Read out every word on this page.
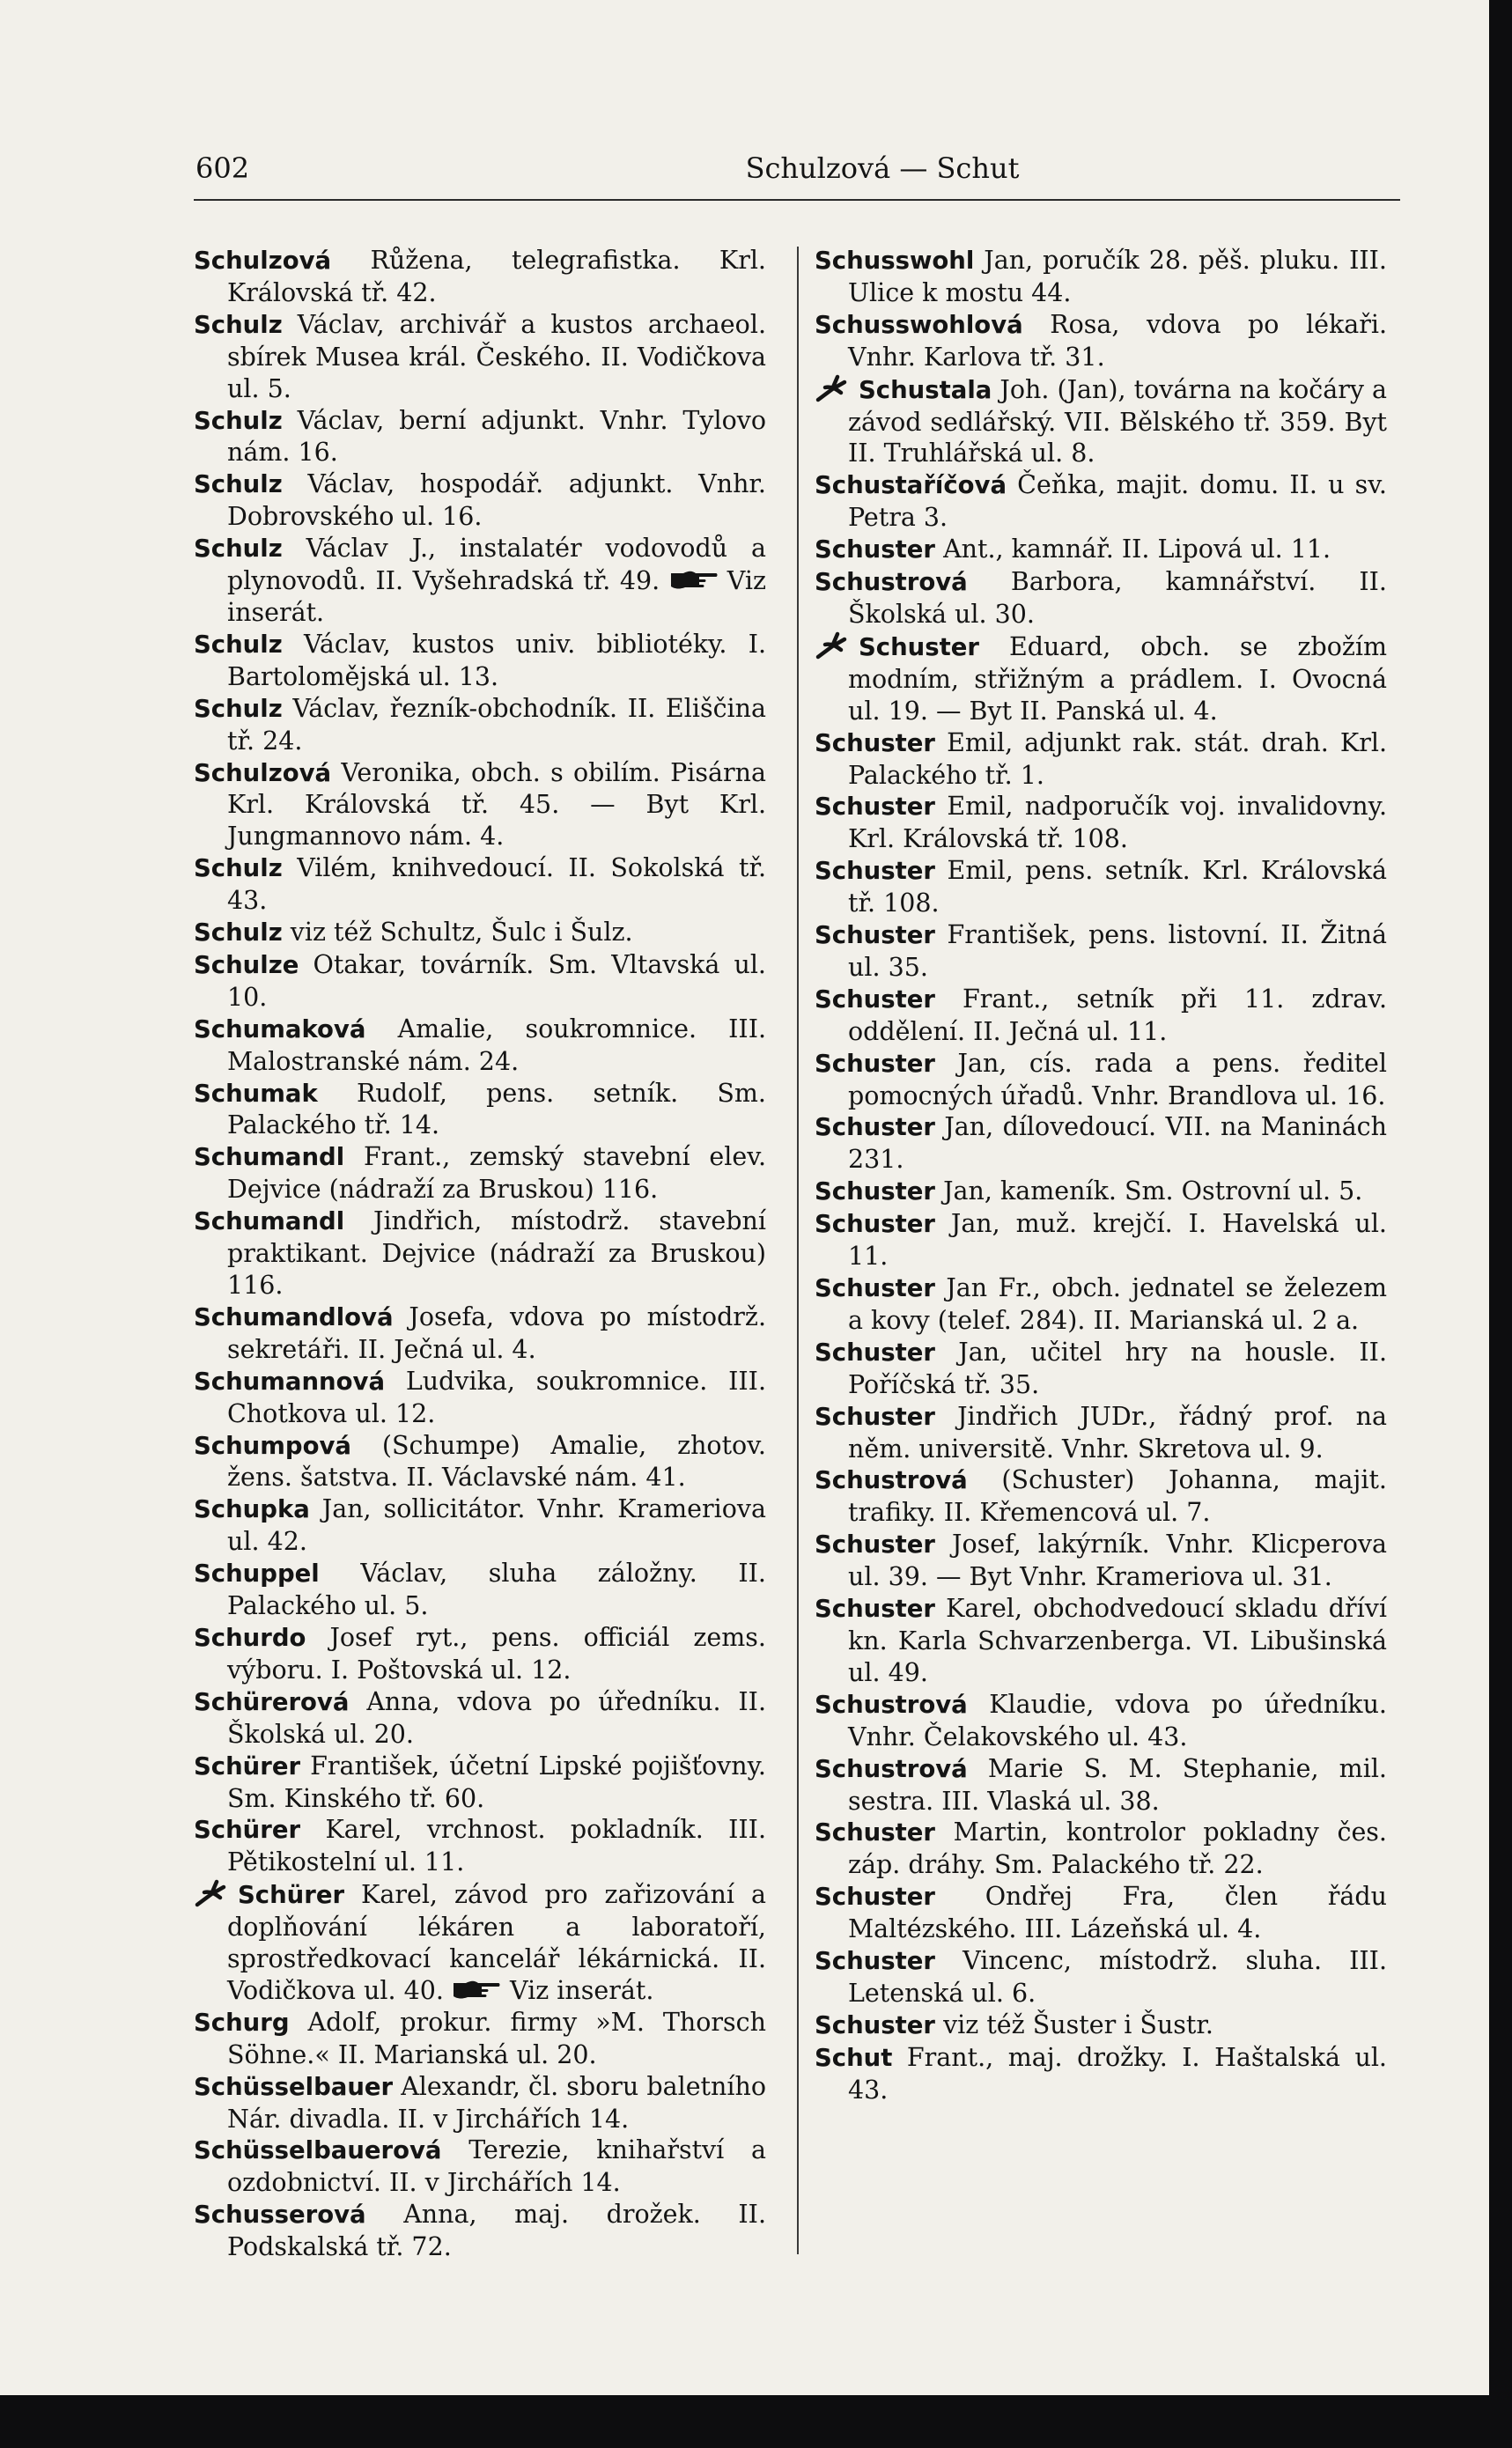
602	Schulzová — Schut

Schulzová Růžena, telegrafistka. Krl. Královská tř. 42.

Schulz Václav, archivář a kustos archaeol. sbírek Musea král. Českého. II. Vodičkova ul. 5.

Schulz Václav, berní adjunkt. Vnhr. Tylovo nám. 16.

Schulz Václav, hospodář. adjunkt. Vnhr. Dobrovského ul. 16.

Schulz Václav J., instalatér vodovodů a plynovodů. II. Vyšehradská tř. 49.	Viz inserát.

Schulz Václav, kustos univ. bibliotéky. I. Bartolomějská ul. 13.

Schulz Václav, řezník-obchodník. II. Eliščina tř. 24.

Schulzová Veronika, obch. s obilím. Pisárna Krl. Královská tř. 45. — Byt Krl. Jungmannovo nám. 4.

Schulz Vilém, knihvedoucí. II. Sokolská tř. 43.

Schulz viz též Schultz, Šulc i Šulz.

Schulze Otakar, továrník. Sm. Vltavská ul. 10.

Schumaková Amalie, soukromnice. III. Malostranské nám. 24.

Schumak Rudolf, pens. setník. Sm. Palackého tř. 14.

Schumandl Frant., zemský stavební elev. Dejvice (nádraží za Bruskou) 116.

Schumandl Jindřich, místodrž. stavební praktikant. Dejvice (nádraží za Bruskou) 116.

Schumandlová Josefa, vdova po místodrž. sekretáři. II. Ječná ul. 4.

Schumannová Ludvika, soukromnice. III. Chotkova ul. 12.

Schumpová (Schumpe) Amalie, zhotov. žens. šatstva. II. Václavské nám. 41.

Schupka Jan, sollicitátor. Vnhr. Krameriova ul. 42.

Schuppel Václav, sluha záložny. II. Palackého ul. 5.

Schurdo Josef ryt., pens. officiál zems. výboru. I. Poštovská ul. 12.

Schürerová Anna, vdova po úředníku. II. Školská ul. 20.

Schürer František, účetní Lipské pojišťovny. Sm. Kinského tř. 60.

Schürer Karel, vrchnost. pokladník. III. Pětikostelní ul. 11.

Schürer Karel, závod pro zařizování a doplňování lékáren a laboratoří, sprostředkovací kancelář lékárnická. II. Vodičkova ul. 40.	Viz inserát.

Schurg Adolf, prokur. firmy »M. Thorsch Söhne.« II. Marianská ul. 20.

Schüsselbauer Alexandr, čl. sboru baletního Nár. divadla. II. v Jirchářích 14.

Schüsselbauerová Terezie, knihařství a ozdobnictví. II. v Jirchářích 14.

Schusserová Anna, maj. drožek. II. Podskalská tř. 72.

Schusswohl Jan, poručík 28. pěš. pluku. III. Ulice k mostu 44.

Schusswohlová Rosa, vdova po lékaři. Vnhr. Karlova tř. 31.

Schustala Joh. (Jan), továrna na kočáry a závod sedlářský. VII. Bělského tř. 359. Byt II. Truhlářská ul. 8.

Schustaříčová Čeňka, majit. domu. II. u sv. Petra 3.

Schuster Ant., kamnář. II. Lipová ul. 11.

Schustrová Barbora, kamnářství. II. Školská ul. 30.

Schuster Eduard, obch. se zbožím modním, střižným a prádlem. I. Ovocná ul. 19. — Byt II. Panská ul. 4.

Schuster Emil, adjunkt rak. stát. drah. Krl. Palackého tř. 1.

Schuster Emil, nadporučík voj. invalidovny. Krl. Královská tř. 108.

Schuster Emil, pens. setník. Krl. Královská tř. 108.

Schuster František, pens. listovní. II. Žitná ul. 35.

Schuster Frant., setník při 11. zdrav. oddělení. II. Ječná ul. 11.

Schuster Jan, cís. rada a pens. ředitel pomocných úřadů. Vnhr. Brandlova ul. 16.

Schuster Jan, dílovedoucí. VII. na Maninách 231.

Schuster Jan, kameník. Sm. Ostrovní ul. 5.

Schuster Jan, muž. krejčí. I. Havelská ul. 11.

Schuster Jan Fr., obch. jednatel se železem a kovy (telef. 284). II. Marianská ul. 2 a.

Schuster Jan, učitel hry na housle. II. Poříčská tř. 35.

Schuster Jindřich JUDr., řádný prof. na něm. universitě. Vnhr. Skretova ul. 9.

Schustrová (Schuster) Johanna, majit. trafiky. II. Křemencová ul. 7.

Schuster Josef, lakýrník. Vnhr. Klicperova ul. 39. — Byt Vnhr. Krameriova ul. 31.

Schuster Karel, obchodvedoucí skladu dříví kn. Karla Schvarzenberga. VI. Libušinská ul. 49.

Schustrová Klaudie, vdova po úředníku. Vnhr. Čelakovského ul. 43.

Schustrová Marie S. M. Stephanie, mil. sestra. III. Vlaská ul. 38.

Schuster Martin, kontrolor pokladny čes. záp. dráhy. Sm. Palackého tř. 22.

Schuster Ondřej Fra, člen řádu Maltézského. III. Lázeňská ul. 4.

Schuster Vincenc, místodrž. sluha. III. Letenská ul. 6.

Schuster viz též Šuster i Šustr.

Schut Frant., maj. drožky. I. Haštalská ul. 43.
